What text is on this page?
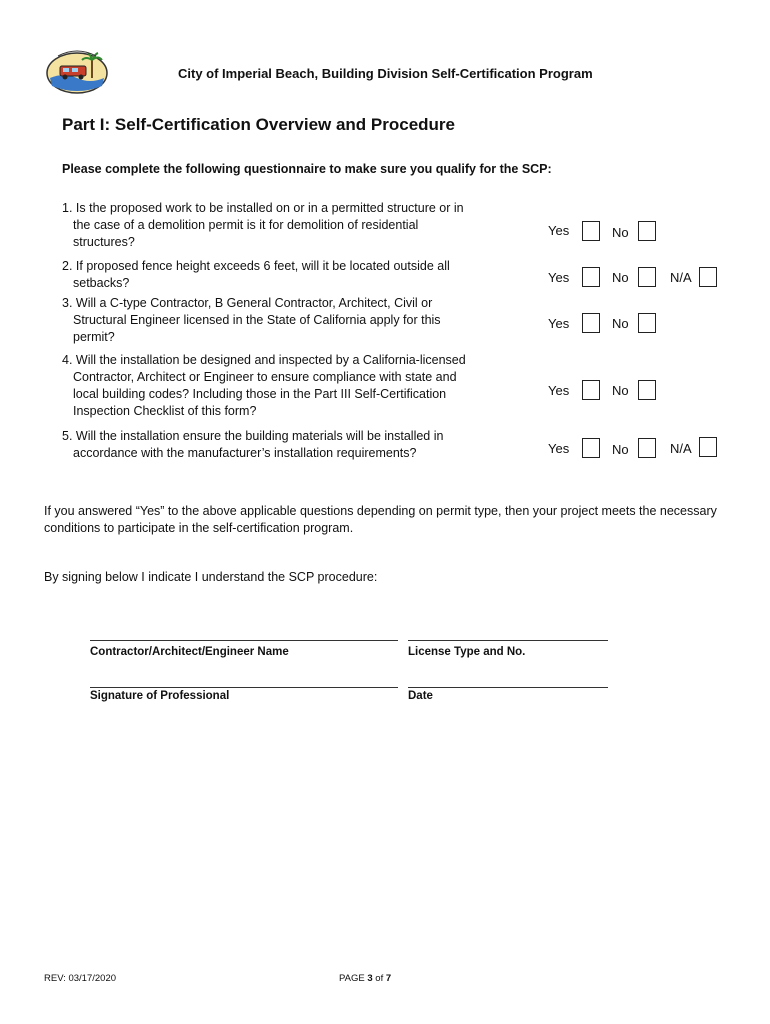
City of Imperial Beach, Building Division Self-Certification Program
Part I: Self-Certification Overview and Procedure
Please complete the following questionnaire to make sure you qualify for the SCP:
1. Is the proposed work to be installed on or in a permitted structure or in
the case of a demolition permit is it for demolition of residential
structures?
Yes	No
2. If proposed fence height exceeds 6 feet, will it be located outside all
setbacks?	Yes	No	N/A
3. Will a C-type Contractor, B General Contractor, Architect, Civil or
Structural Engineer licensed in the State of California apply for this
permit?
Yes	No
4. Will the installation be designed and inspected by a California-licensed
Contractor, Architect or Engineer to ensure compliance with state and
local building codes? Including those in the Part III Self-Certification
Inspection Checklist of this form?
Yes	No
5. Will the installation ensure the building materials will be installed in
accordance with the manufacturer’s installation requirements?	Yes	No	N/A
If you answered “Yes” to the above applicable questions depending on permit type, then your project meets the necessary conditions to participate in the self-certification program.
By signing below I indicate I understand the SCP procedure:
Contractor/Architect/Engineer Name	License Type and No.
Signature of Professional	Date
REV: 03/17/2020	PAGE 3 of 7
